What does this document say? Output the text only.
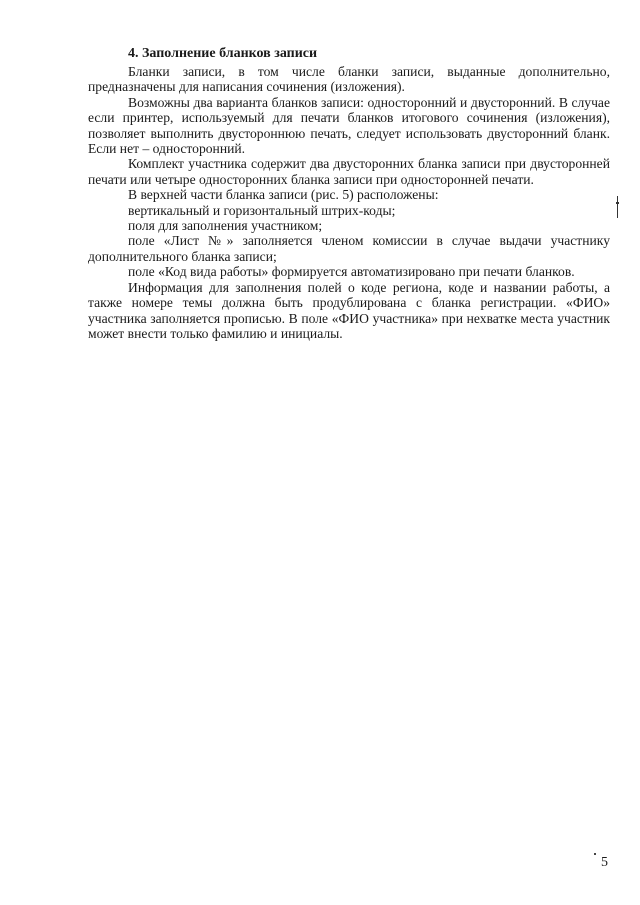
4. Заполнение бланков записи

Бланки записи, в том числе бланки записи, выданные дополнительно, предназначены для написания сочинения (изложения).

Возможны два варианта бланков записи: односторонний и двусторонний. В случае если принтер, используемый для печати бланков итогового сочинения (изложения), позволяет выполнить двустороннюю печать, следует использовать двусторонний бланк. Если нет – односторонний.

Комплект участника содержит два двусторонних бланка записи при двусторонней печати или четыре односторонних бланка записи при односторонней печати.

В верхней части бланка записи (рис. 5) расположены:

вертикальный и горизонтальный штрих-коды;

поля для заполнения участником;

поле «Лист №» заполняется членом комиссии в случае выдачи участнику дополнительного бланка записи;

поле «Код вида работы» формируется автоматизировано при печати бланков.

Информация для заполнения полей о коде региона, коде и названии работы, а также номере темы должна быть продублирована с бланка регистрации. «ФИО» участника заполняется прописью. В поле «ФИО участника» при нехватке места участник может внести только фамилию и инициалы.

5
